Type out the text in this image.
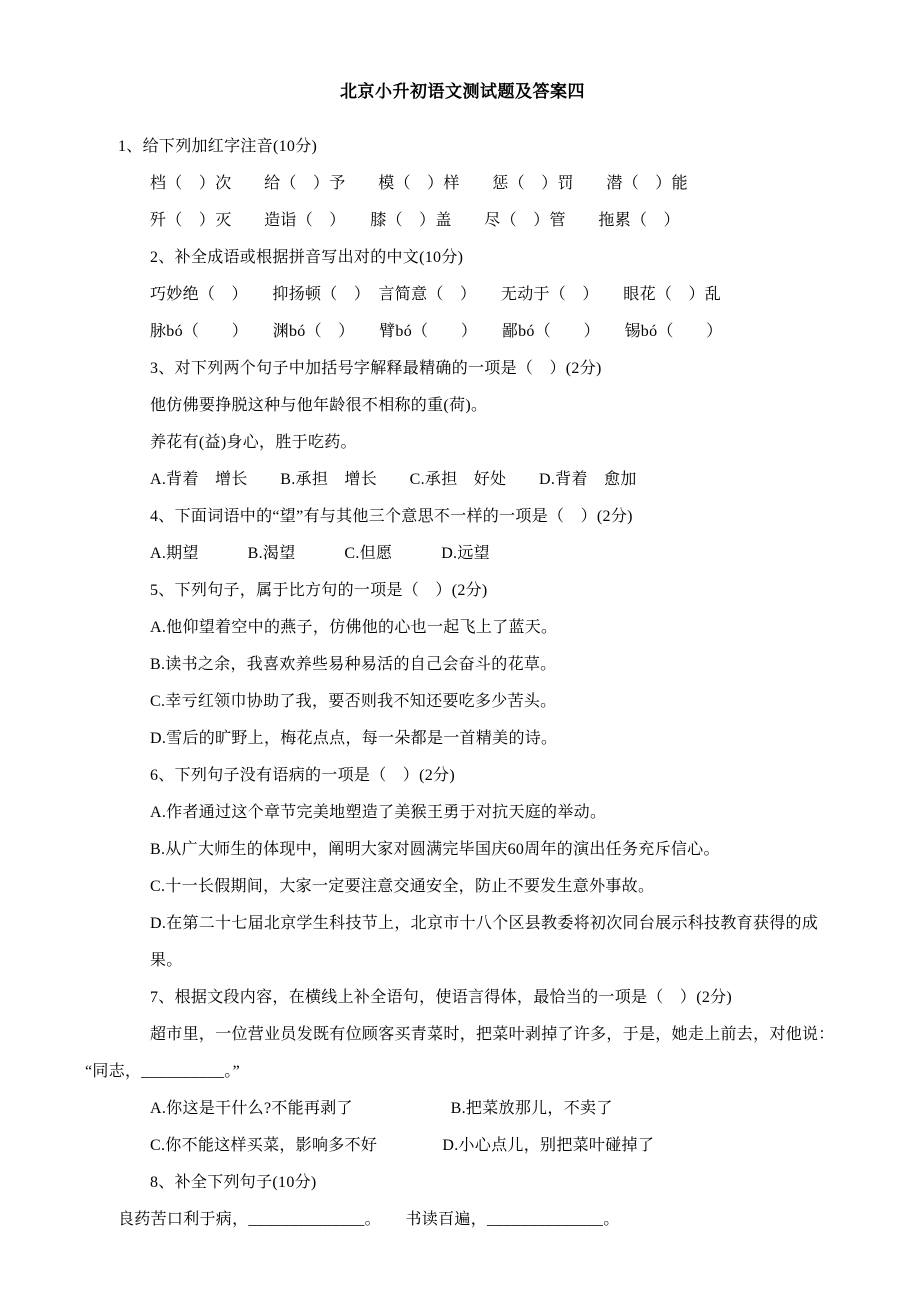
北京小升初语文测试题及答案四
1、给下列加红字注音(10分)
档（　）次　　给（　）予　　模（　）样　　惩（　）罚　　潜（　）能
歼（　）灭　　造诣（　）　　膝（　）盖　　尽（　）管　　拖累（　）
2、补全成语或根据拼音写出对的中文(10分)
巧妙绝（　）　　抑扬顿（　）　言简意（　）　　无动于（　）　　眼花（　）乱
脉bó（　　）　　渊bó（　）　　臂bó（　　）　　鄙bó（　　）　　锡bó（　　）
3、对下列两个句子中加括号字解释最精确的一项是（　）(2分)
他仿佛要挣脱这种与他年龄很不相称的重(荷)。
养花有(益)身心，胜于吃药。
A.背着　增长　　B.承担　增长　　C.承担　好处　　D.背着　愈加
4、下面词语中的“望”有与其他三个意思不一样的一项是（　）(2分)
A.期望　　　B.渴望　　　C.但愿　　　D.远望
5、下列句子，属于比方句的一项是（　）(2分)
A.他仰望着空中的燕子，仿佛他的心也一起飞上了蓝天。
B.读书之余，我喜欢养些易种易活的自己会奋斗的花草。
C.幸亏红领巾协助了我，要否则我不知还要吃多少苦头。
D.雪后的旷野上，梅花点点，每一朵都是一首精美的诗。
6、下列句子没有语病的一项是（　）(2分)
A.作者通过这个章节完美地塑造了美猴王勇于对抗天庭的举动。
B.从广大师生的体现中，阐明大家对圆满完毕国庆60周年的演出任务充斥信心。
C.十一长假期间，大家一定要注意交通安全，防止不要发生意外事故。
D.在第二十七届北京学生科技节上，北京市十八个区县教委将初次同台展示科技教育获得的成果。
7、根据文段内容，在横线上补全语句，使语言得体，最恰当的一项是（　）(2分)
超市里，一位营业员发既有位顾客买青菜时，把菜叶剥掉了许多，于是，她走上前去，对他说：
“同志，__________。”
A.你这是干什么?不能再剥了　　　　　　B.把菜放那儿，不卖了
C.你不能这样买菜，影响多不好　　　　D.小心点儿，别把菜叶碰掉了
8、补全下列句子(10分)
良药苦口利于病，______________。　　书读百遍，______________。
